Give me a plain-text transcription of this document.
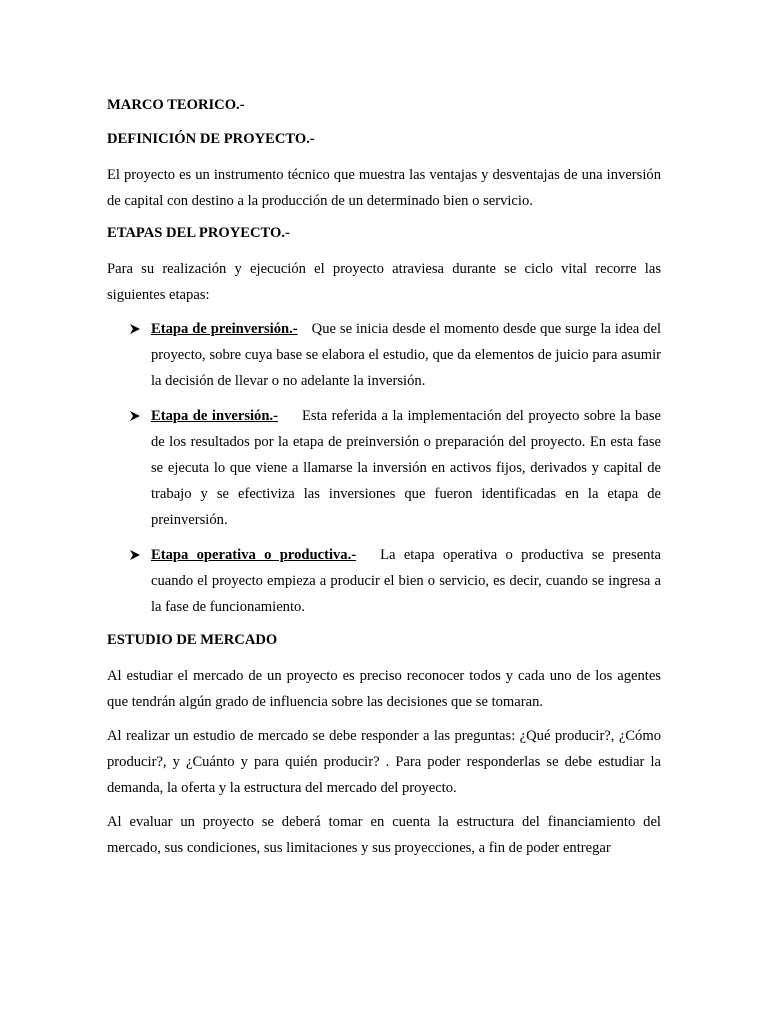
MARCO TEORICO.-
DEFINICIÓN DE PROYECTO.-

El proyecto es un instrumento técnico que muestra las ventajas y desventajas de una inversión de capital con destino a la producción de un determinado bien o servicio.

ETAPAS DEL PROYECTO.-

Para su realización y ejecución el proyecto atraviesa durante se ciclo vital recorre las siguientes etapas:

Etapa de preinversión.- Que se inicia desde el momento desde que surge la idea del proyecto, sobre cuya base se elabora el estudio, que da elementos de juicio para asumir la decisión de llevar o no adelante la inversión.
Etapa de inversión.- Esta referida a la implementación del proyecto sobre la base de los resultados por la etapa de preinversión o preparación del proyecto. En esta fase se ejecuta lo que viene a llamarse la inversión en activos fijos, derivados y capital de trabajo y se efectiviza las inversiones que fueron identificadas en la etapa de preinversión.
Etapa operativa o productiva.- La etapa operativa o productiva se presenta cuando el proyecto empieza a producir el bien o servicio, es decir, cuando se ingresa a la fase de funcionamiento.
ESTUDIO DE MERCADO

Al estudiar el mercado de un proyecto es preciso reconocer todos y cada uno de los agentes que tendrán algún grado de influencia sobre las decisiones que se tomaran.

Al realizar un estudio de mercado se debe responder a las preguntas: ¿Qué producir?, ¿Cómo producir?, y ¿Cuánto y para quién producir? . Para poder responderlas se debe estudiar la demanda, la oferta y la estructura del mercado del proyecto.

Al evaluar un proyecto se deberá tomar en cuenta la estructura del financiamiento del mercado, sus condiciones, sus limitaciones y sus proyecciones, a fin de poder entregar
